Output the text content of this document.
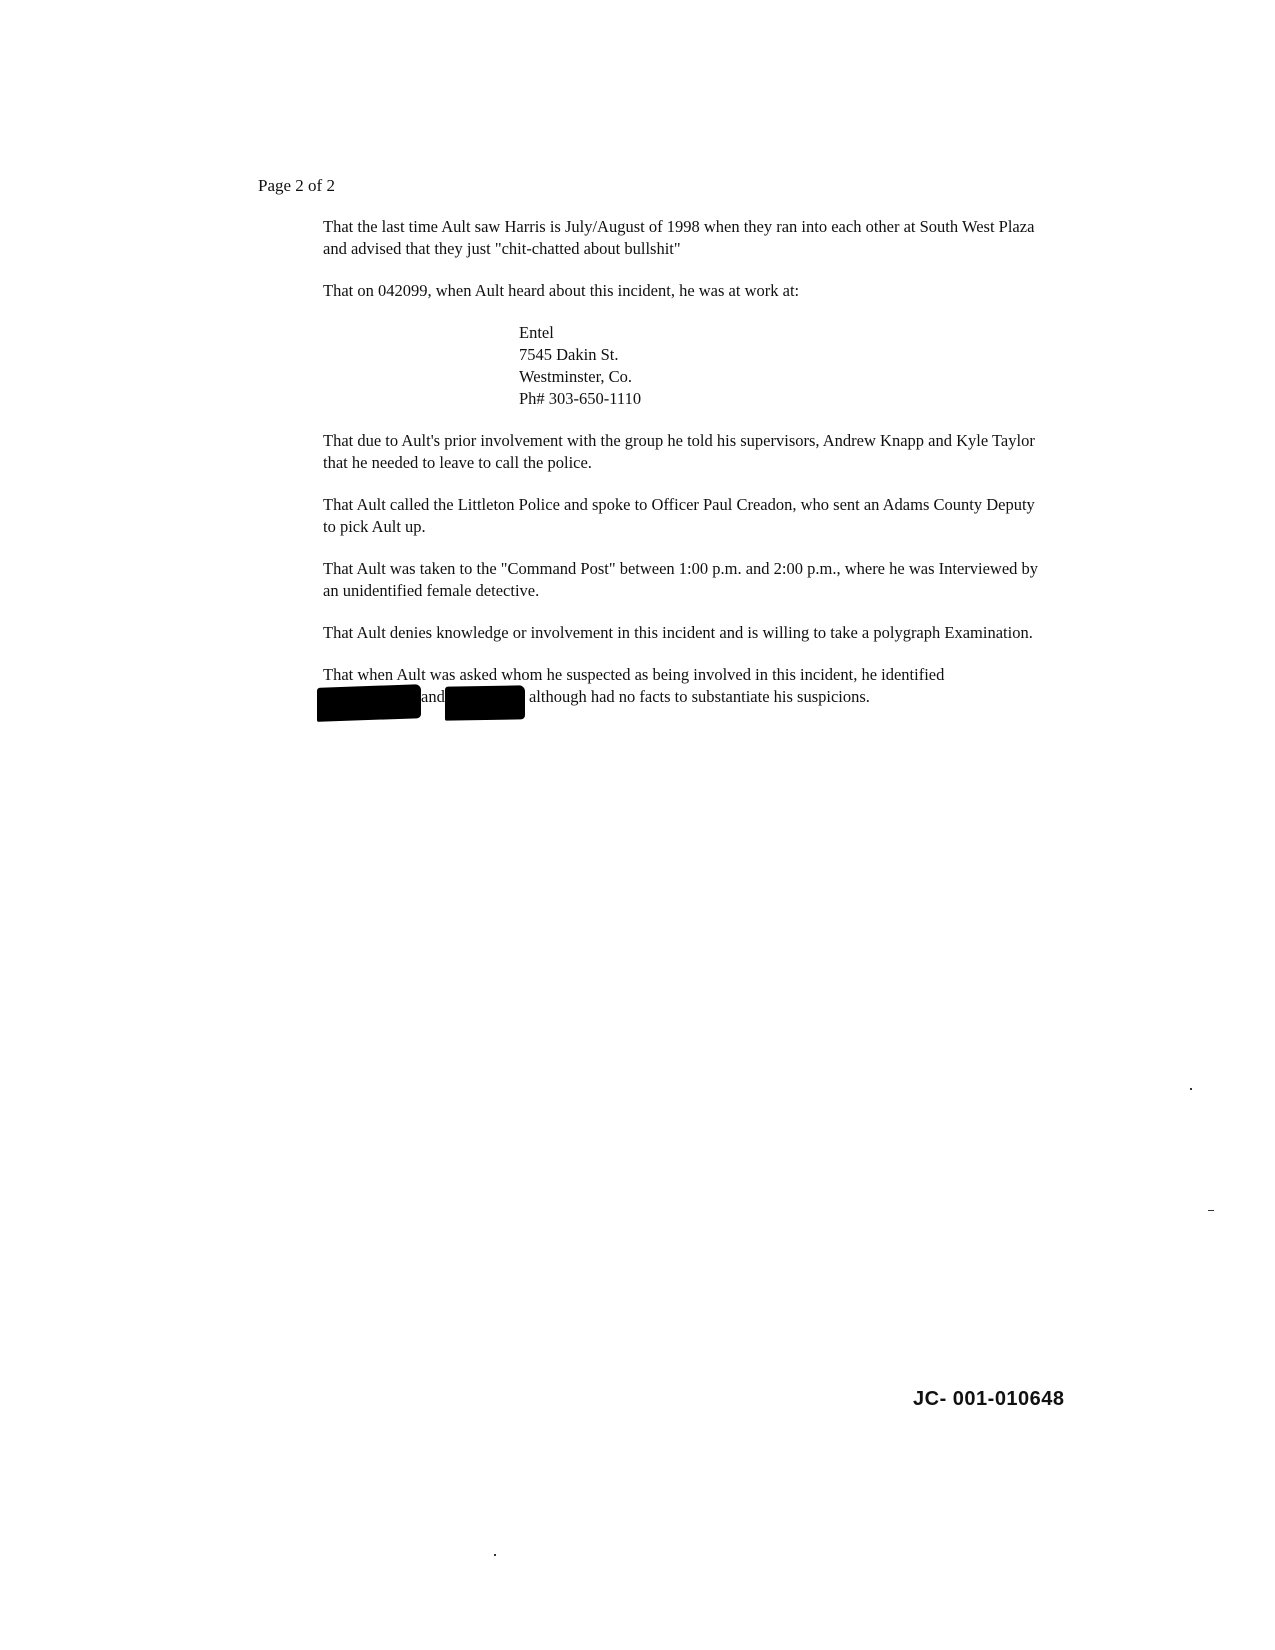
Page 2 of 2

That the last time Ault saw Harris is July/August of 1998 when they ran into each other at South West Plaza and advised that they just "chit-chatted about bullshit"

That on 042099, when Ault heard about this incident, he was at work at:

Entel
7545 Dakin St.
Westminster, Co.
Ph# 303-650-1110

That due to Ault's prior involvement with the group he told his supervisors, Andrew Knapp and Kyle Taylor that he needed to leave to call the police.

That Ault called the Littleton Police and spoke to Officer Paul Creadon, who sent an Adams County Deputy to pick Ault up.

That Ault was taken to the "Command Post" between 1:00 p.m. and 2:00 p.m., where he was Interviewed by an unidentified female detective.

That Ault denies knowledge or involvement in this incident and is willing to take a polygraph Examination.

That when Ault was asked whom he suspected as being involved in this incident, he identified
and	although had no facts to substantiate his suspicions.
JC- 001-010648
